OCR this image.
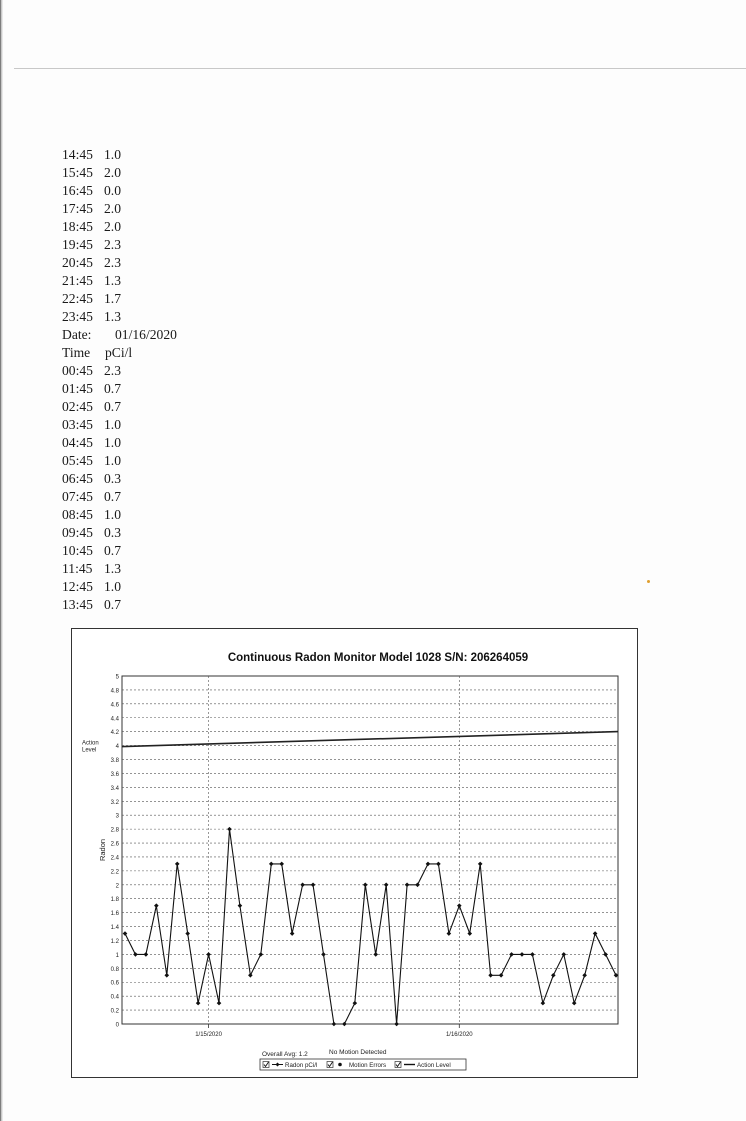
14:45 1.0
15:45 2.0
16:45 0.0
17:45 2.0
18:45 2.0
19:45 2.3
20:45 2.3
21:45 1.3
22:45 1.7
23:45 1.3
Date:	01/16/2020
Time	pCi/l
00:45 2.3
01:45 0.7
02:45 0.7
03:45 1.0
04:45 1.0
05:45 1.0
06:45 0.3
07:45 0.7
08:45 1.0
09:45 0.3
10:45 0.7
11:45 1.3
12:45 1.0
13:45 0.7
Continuous Radon Monitor Model 1028 S/N: 206264059
0
0.2
0.4
0.6
0.8
1
1.2
1.4
1.6
1.8
2
2.2
2.4
2.6
2.8
3
3.2
3.4
3.6
3.8
4
4.2
4.4
4.6
4.8
5
Action
Level
Radon
1/15/2020	1/16/2020
Overall Avg: 1.2	No Motion Detected
Radon pCi/l	Motion Errors	Action Level
